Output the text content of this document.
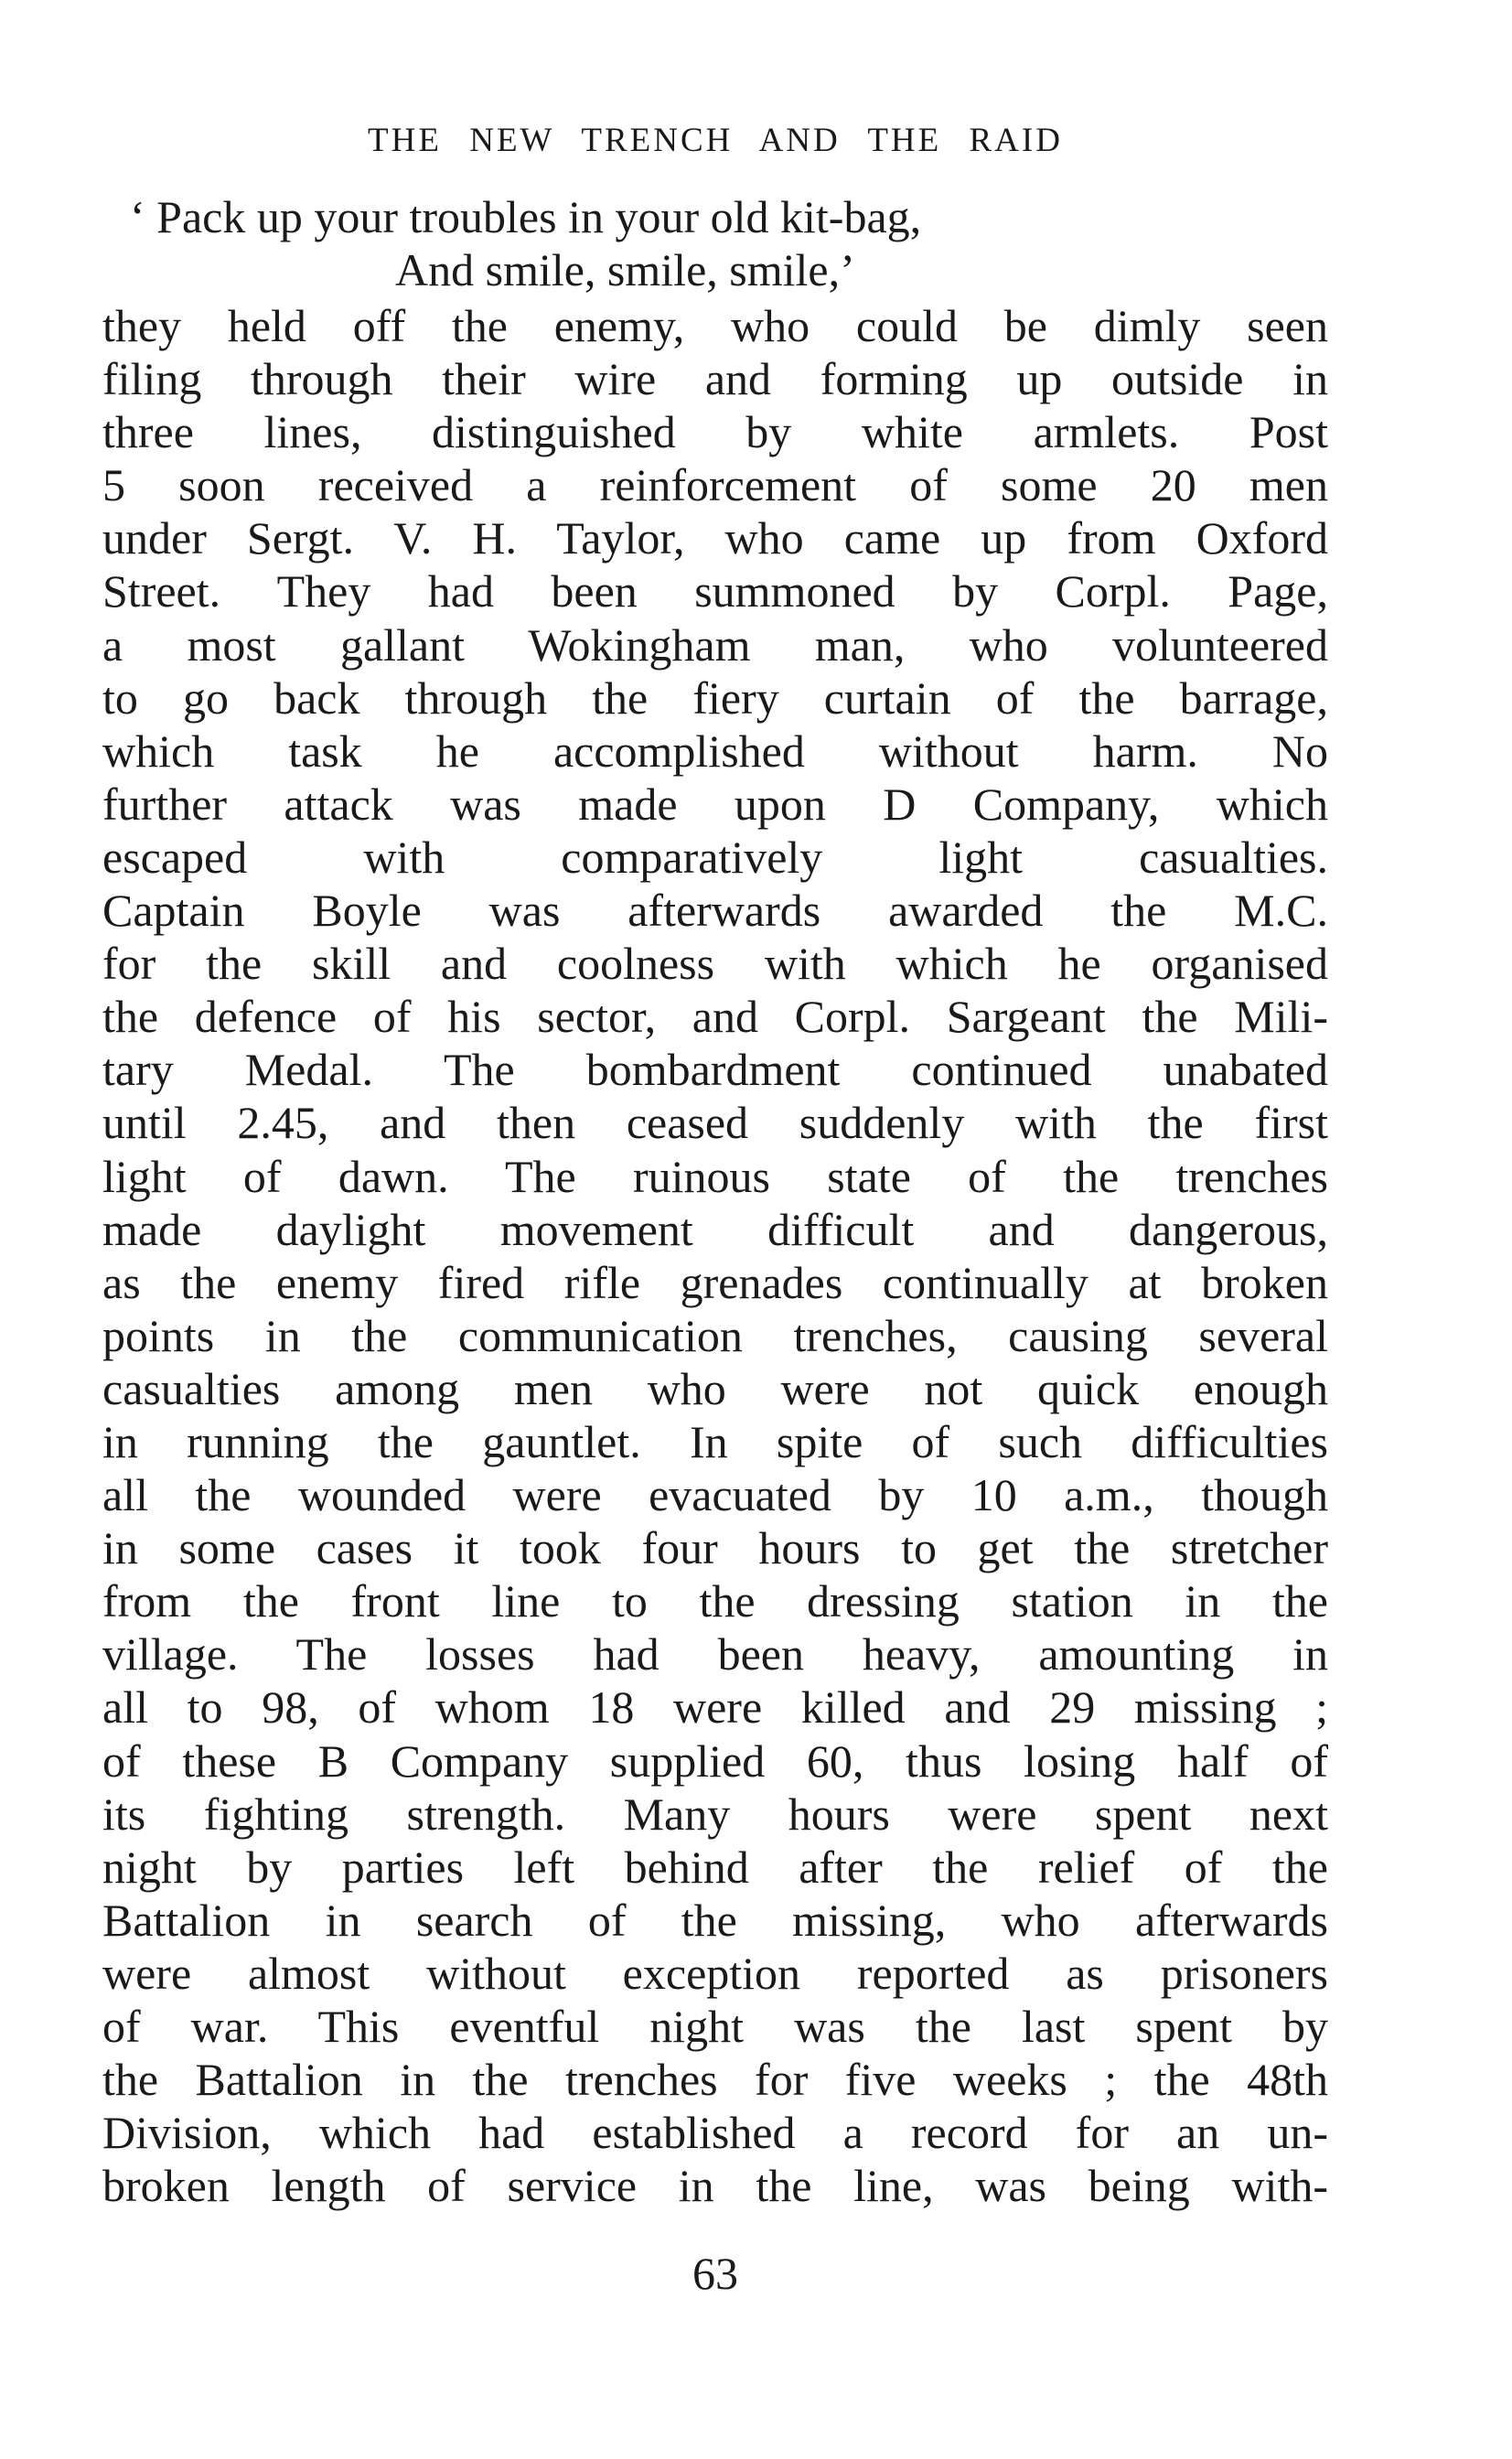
THE NEW TRENCH AND THE RAID
‘ Pack up your troubles in your old kit-bag,
And smile, smile, smile,’
they held off the enemy, who could be dimly seen
filing through their wire and forming up outside in
three lines, distinguished by white armlets. Post
5 soon received a reinforcement of some 20 men
under Sergt. V. H. Taylor, who came up from Oxford
Street. They had been summoned by Corpl. Page,
a most gallant Wokingham man, who volunteered
to go back through the fiery curtain of the barrage,
which task he accomplished without harm. No
further attack was made upon D Company, which
escaped with comparatively light casualties.
Captain Boyle was afterwards awarded the M.C.
for the skill and coolness with which he organised
the defence of his sector, and Corpl. Sargeant the Mili-
tary Medal. The bombardment continued unabated
until 2.45, and then ceased suddenly with the first
light of dawn. The ruinous state of the trenches
made daylight movement difficult and dangerous,
as the enemy fired rifle grenades continually at broken
points in the communication trenches, causing several
casualties among men who were not quick enough
in running the gauntlet. In spite of such difficulties
all the wounded were evacuated by 10 a.m., though
in some cases it took four hours to get the stretcher
from the front line to the dressing station in the
village. The losses had been heavy, amounting in
all to 98, of whom 18 were killed and 29 missing ;
of these B Company supplied 60, thus losing half of
its fighting strength. Many hours were spent next
night by parties left behind after the relief of the
Battalion in search of the missing, who afterwards
were almost without exception reported as prisoners
of war. This eventful night was the last spent by
the Battalion in the trenches for five weeks ; the 48th
Division, which had established a record for an un-
broken length of service in the line, was being with-
63
